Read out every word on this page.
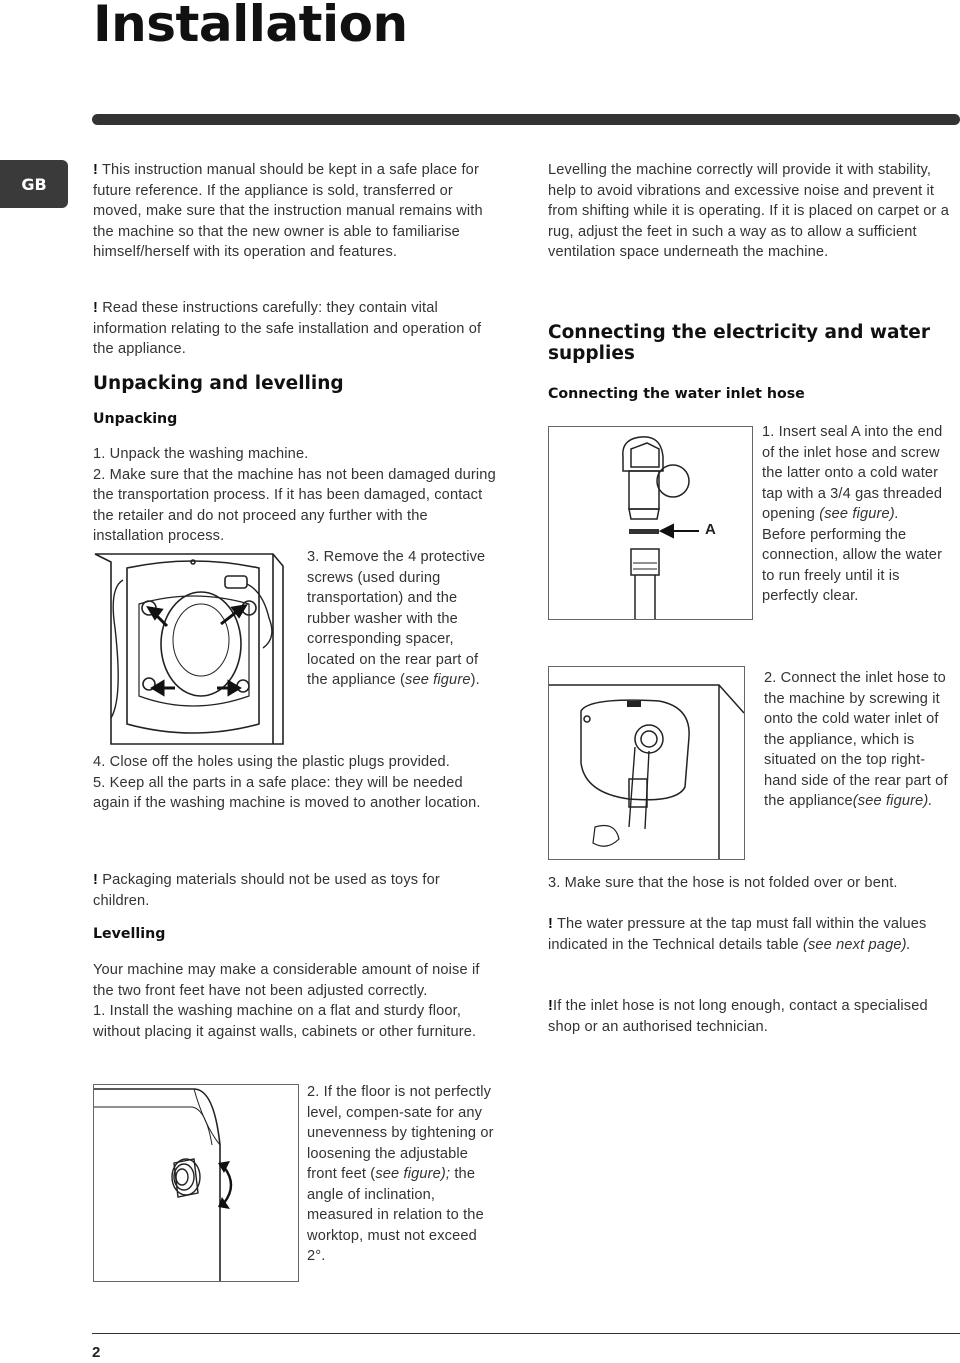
Installation
GB
! This instruction manual should be kept in a safe place for future reference. If the appliance is sold, transferred or moved, make sure that the instruction manual remains with the machine so that the new owner is able to familiarise himself/herself with its operation and features.
! Read these instructions carefully: they contain vital information relating to the safe installation and operation of the appliance.
Unpacking and levelling
Unpacking

1. Unpack the washing machine.

2. Make sure that the machine has not been damaged during the transportation process. If it has been damaged, contact the retailer and do not proceed any further with the installation process.

3. Remove the 4 protective screws (used during transportation) and the rubber washer with the corresponding spacer, located on the rear part of the appliance (see figure).

4. Close off the holes using the plastic plugs provided.

5. Keep all the parts in a safe place: they will be needed again if the washing machine is moved to another location.

! Packaging materials should not be used as toys for children.
Levelling

Your machine may make a considerable amount of noise if the two front feet have not been adjusted correctly.

1. Install the washing machine on a flat and sturdy floor, without placing it against walls, cabinets or other furniture.

2. If the floor is not perfectly level, compen-sate for any unevenness by tightening or loosening the adjustable front feet (see figure); the angle of inclination, measured in relation to the worktop, must not exceed 2°.
Levelling the machine correctly will provide it with stability, help to avoid vibrations and excessive noise and prevent it from shifting while it is operating. If it is placed on carpet or a rug, adjust the feet in such a way as to allow a sufficient ventilation space underneath the machine.
Connecting the electricity and water supplies
Connecting the water inlet hose
A
1. Insert seal A into the end of the inlet hose and screw the latter onto a cold water tap with a 3/4 gas threaded opening (see figure).

Before performing the connection, allow the water to run freely until it is perfectly clear.

2. Connect the inlet hose to the machine by screwing it onto the cold water inlet of the appliance, which is situated on the top right-hand side of the rear part of the appliance(see figure).
3. Make sure that the hose is not folded over or bent.
! The water pressure at the tap must fall within the values indicated in the Technical details table (see next page).
!If the inlet hose is not long enough, contact a specialised shop or an authorised technician.
2
